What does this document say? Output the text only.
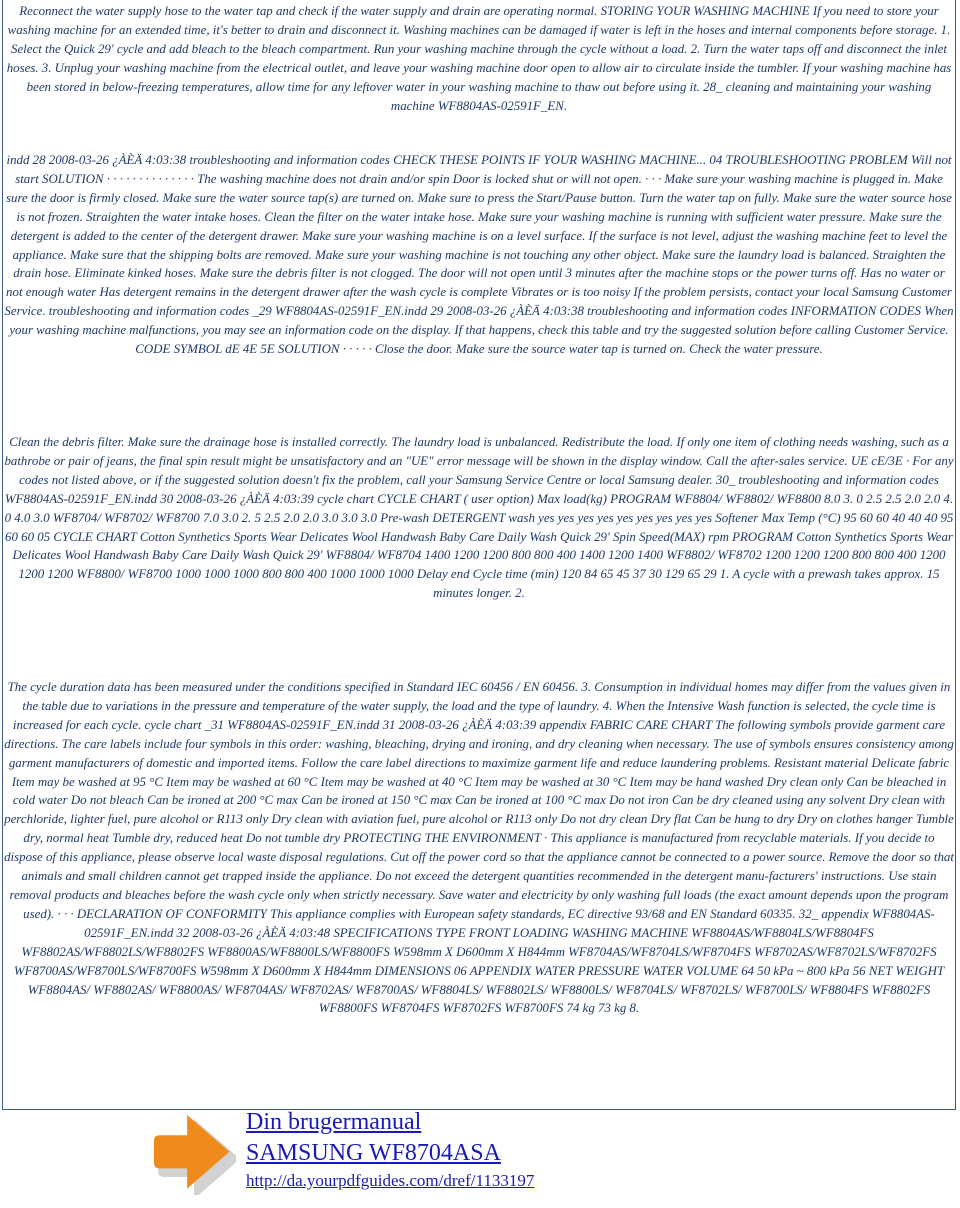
Reconnect the water supply hose to the water tap and check if the water supply and drain are operating normal. STORING YOUR WASHING MACHINE If you need to store your washing machine for an extended time, it's better to drain and disconnect it. Washing machines can be damaged if water is left in the hoses and internal components before storage. 1. Select the Quick 29' cycle and add bleach to the bleach compartment. Run your washing machine through the cycle without a load. 2. Turn the water taps off and disconnect the inlet hoses. 3. Unplug your washing machine from the electrical outlet, and leave your washing machine door open to allow air to circulate inside the tumbler. If your washing machine has been stored in below-freezing temperatures, allow time for any leftover water in your washing machine to thaw out before using it. 28_ cleaning and maintaining your washing machine WF8804AS-02591F_EN.

indd 28 2008-03-26 ¿ÀÈÄ 4:03:38 troubleshooting and information codes CHECK THESE POINTS IF YOUR WASHING MACHINE... 04 TROUBLESHOOTING PROBLEM Will not start SOLUTION · · · · · · · · · · · · · · The washing machine does not drain and/or spin Door is locked shut or will not open. · · · Make sure your washing machine is plugged in. Make sure the door is firmly closed. Make sure the water source tap(s) are turned on. Make sure to press the Start/Pause button. Turn the water tap on fully. Make sure the water source hose is not frozen. Straighten the water intake hoses. Clean the filter on the water intake hose. Make sure your washing machine is running with sufficient water pressure. Make sure the detergent is added to the center of the detergent drawer. Make sure your washing machine is on a level surface. If the surface is not level, adjust the washing machine feet to level the appliance. Make sure that the shipping bolts are removed. Make sure your washing machine is not touching any other object. Make sure the laundry load is balanced. Straighten the drain hose. Eliminate kinked hoses. Make sure the debris filter is not clogged. The door will not open until 3 minutes after the machine stops or the power turns off. Has no water or not enough water Has detergent remains in the detergent drawer after the wash cycle is complete Vibrates or is too noisy If the problem persists, contact your local Samsung Customer Service. troubleshooting and information codes _29 WF8804AS-02591F_EN.indd 29 2008-03-26 ¿ÀÈÄ 4:03:38 troubleshooting and information codes INFORMATION CODES When your washing machine malfunctions, you may see an information code on the display. If that happens, check this table and try the suggested solution before calling Customer Service. CODE SYMBOL dE 4E 5E SOLUTION · · · · · Close the door. Make sure the source water tap is turned on. Check the water pressure.

Clean the debris filter. Make sure the drainage hose is installed correctly. The laundry load is unbalanced. Redistribute the load. If only one item of clothing needs washing, such as a bathrobe or pair of jeans, the final spin result might be unsatisfactory and an "UE" error message will be shown in the display window. Call the after-sales service. UE cE/3E · For any codes not listed above, or if the suggested solution doesn't fix the problem, call your Samsung Service Centre or local Samsung dealer. 30_ troubleshooting and information codes WF8804AS-02591F_EN.indd 30 2008-03-26 ¿ÀÈÄ 4:03:39 cycle chart CYCLE CHART ( user option) Max load(kg) PROGRAM WF8804/ WF8802/ WF8800 8.0 3. 0 2.5 2.5 2.0 2.0 4. 0 4.0 3.0 WF8704/ WF8702/ WF8700 7.0 3.0 2. 5 2.5 2.0 2.0 3.0 3.0 3.0 Pre-wash DETERGENT wash yes yes yes yes yes yes yes yes yes Softener Max Temp (°C) 95 60 60 40 40 40 95 60 60 05 CYCLE CHART Cotton Synthetics Sports Wear Delicates Wool Handwash Baby Care Daily Wash Quick 29' Spin Speed(MAX) rpm PROGRAM Cotton Synthetics Sports Wear Delicates Wool Handwash Baby Care Daily Wash Quick 29' WF8804/ WF8704 1400 1200 1200 800 800 400 1400 1200 1400 WF8802/ WF8702 1200 1200 1200 800 800 400 1200 1200 1200 WF8800/ WF8700 1000 1000 1000 800 800 400 1000 1000 1000 Delay end Cycle time (min) 120 84 65 45 37 30 129 65 29 1. A cycle with a prewash takes approx. 15 minutes longer. 2.

The cycle duration data has been measured under the conditions specified in Standard IEC 60456 / EN 60456. 3. Consumption in individual homes may differ from the values given in the table due to variations in the pressure and temperature of the water supply, the load and the type of laundry. 4. When the Intensive Wash function is selected, the cycle time is increased for each cycle. cycle chart _31 WF8804AS-02591F_EN.indd 31 2008-03-26 ¿ÀÈÄ 4:03:39 appendix FABRIC CARE CHART The following symbols provide garment care directions. The care labels include four symbols in this order: washing, bleaching, drying and ironing, and dry cleaning when necessary. The use of symbols ensures consistency among garment manufacturers of domestic and imported items. Follow the care label directions to maximize garment life and reduce laundering problems. Resistant material Delicate fabric Item may be washed at 95 °C Item may be washed at 60 °C Item may be washed at 40 °C Item may be washed at 30 °C Item may be hand washed Dry clean only Can be bleached in cold water Do not bleach Can be ironed at 200 °C max Can be ironed at 150 °C max Can be ironed at 100 °C max Do not iron Can be dry cleaned using any solvent Dry clean with perchloride, lighter fuel, pure alcohol or R113 only Dry clean with aviation fuel, pure alcohol or R113 only Do not dry clean Dry flat Can be hung to dry Dry on clothes hanger Tumble dry, normal heat Tumble dry, reduced heat Do not tumble dry PROTECTING THE ENVIRONMENT · This appliance is manufactured from recyclable materials. If you decide to dispose of this appliance, please observe local waste disposal regulations. Cut off the power cord so that the appliance cannot be connected to a power source. Remove the door so that animals and small children cannot get trapped inside the appliance. Do not exceed the detergent quantities recommended in the detergent manu-facturers' instructions. Use stain removal products and bleaches before the wash cycle only when strictly necessary. Save water and electricity by only washing full loads (the exact amount depends upon the program used). · · · DECLARATION OF CONFORMITY This appliance complies with European safety standards, EC directive 93/68 and EN Standard 60335. 32_ appendix WF8804AS-02591F_EN.indd 32 2008-03-26 ¿ÀÈÄ 4:03:48 SPECIFICATIONS TYPE FRONT LOADING WASHING MACHINE WF8804AS/WF8804LS/WF8804FS WF8802AS/WF8802LS/WF8802FS WF8800AS/WF8800LS/WF8800FS W598mm X D600mm X H844mm WF8704AS/WF8704LS/WF8704FS WF8702AS/WF8702LS/WF8702FS WF8700AS/WF8700LS/WF8700FS W598mm X D600mm X H844mm DIMENSIONS 06 APPENDIX WATER PRESSURE WATER VOLUME 64 50 kPa ~ 800 kPa 56 NET WEIGHT WF8804AS/ WF8802AS/ WF8800AS/ WF8704AS/ WF8702AS/ WF8700AS/ WF8804LS/ WF8802LS/ WF8800LS/ WF8704LS/ WF8702LS/ WF8700LS/ WF8804FS WF8802FS WF8800FS WF8704FS WF8702FS WF8700FS 74 kg 73 kg 8.

Din brugermanual
SAMSUNG WF8704ASA
http://da.yourpdfguides.com/dref/1133197
